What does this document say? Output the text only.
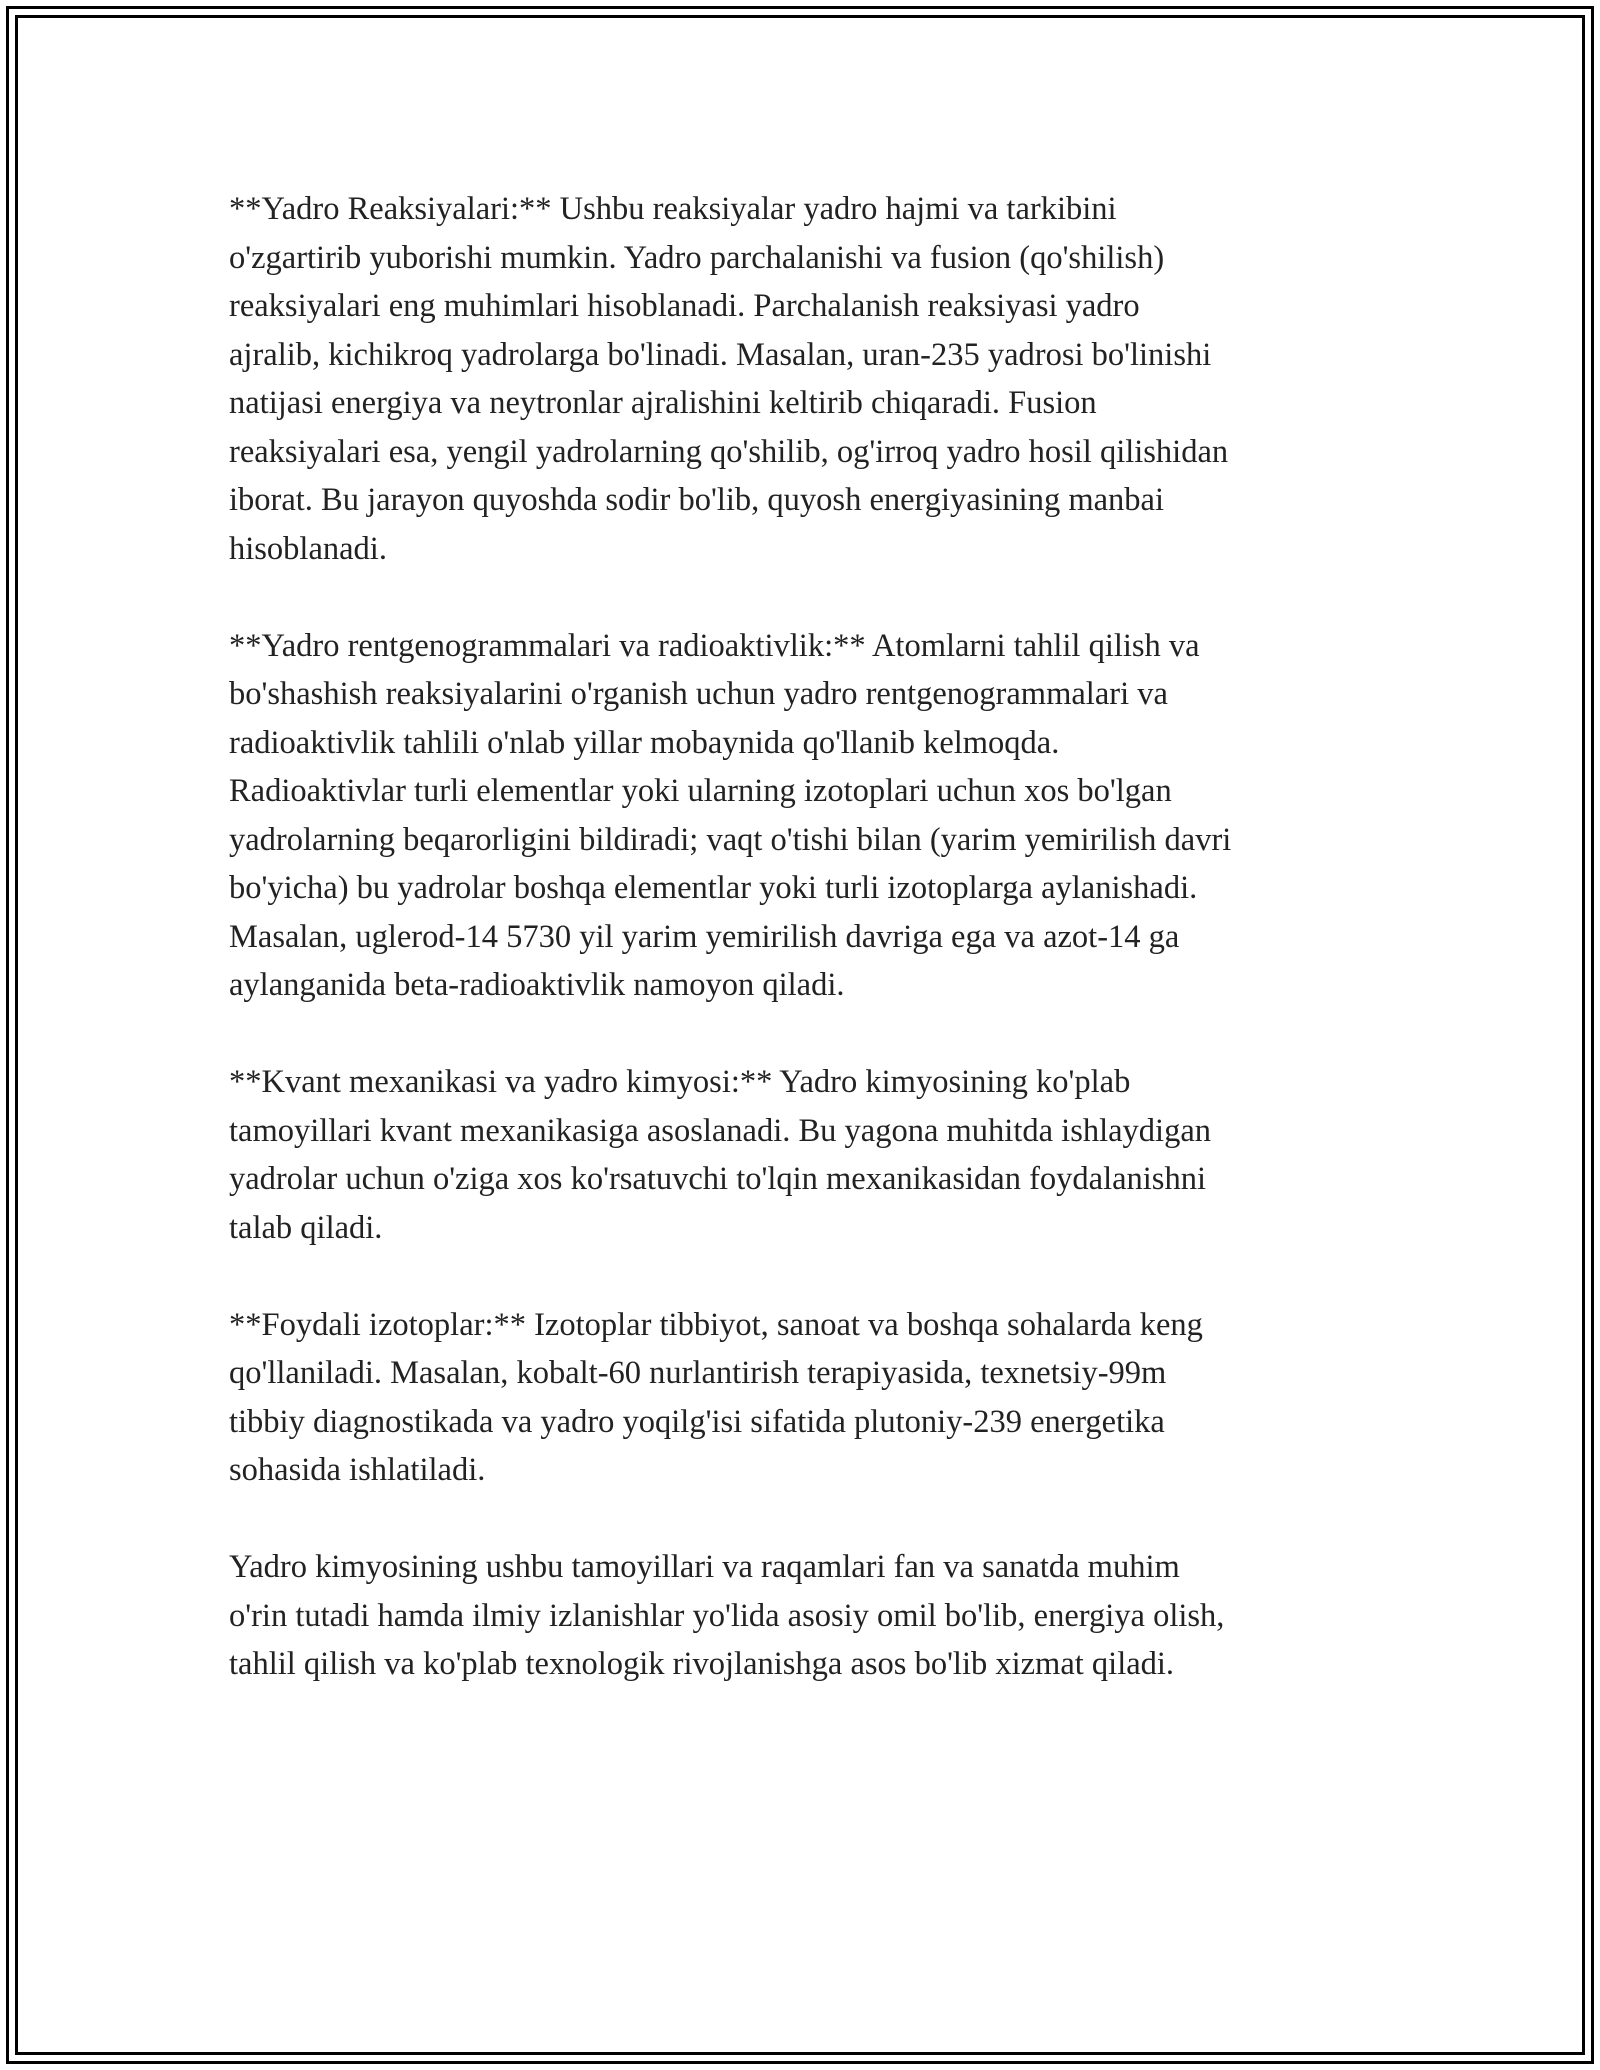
**Yadro Reaksiyalari:** Ushbu reaksiyalar yadro hajmi va tarkibini
o'zgartirib yuborishi mumkin. Yadro parchalanishi va fusion (qo'shilish)
reaksiyalari eng muhimlari hisoblanadi. Parchalanish reaksiyasi yadro
ajralib, kichikroq yadrolarga bo'linadi. Masalan, uran-235 yadrosi bo'linishi
natijasi energiya va neytronlar ajralishini keltirib chiqaradi. Fusion
reaksiyalari esa, yengil yadrolarning qo'shilib, og'irroq yadro hosil qilishidan
iborat. Bu jarayon quyoshda sodir bo'lib, quyosh energiyasining manbai
hisoblanadi.
**Yadro rentgenogrammalari va radioaktivlik:** Atomlarni tahlil qilish va
bo'shashish reaksiyalarini o'rganish uchun yadro rentgenogrammalari va
radioaktivlik tahlili o'nlab yillar mobaynida qo'llanib kelmoqda.
Radioaktivlar turli elementlar yoki ularning izotoplari uchun xos bo'lgan
yadrolarning beqarorligini bildiradi; vaqt o'tishi bilan (yarim yemirilish davri
bo'yicha) bu yadrolar boshqa elementlar yoki turli izotoplarga aylanishadi.
Masalan, uglerod-14 5730 yil yarim yemirilish davriga ega va azot-14 ga
aylanganida beta-radioaktivlik namoyon qiladi.
**Kvant mexanikasi va yadro kimyosi:** Yadro kimyosining ko'plab
tamoyillari kvant mexanikasiga asoslanadi. Bu yagona muhitda ishlaydigan
yadrolar uchun o'ziga xos ko'rsatuvchi to'lqin mexanikasidan foydalanishni
talab qiladi.
**Foydali izotoplar:** Izotoplar tibbiyot, sanoat va boshqa sohalarda keng
qo'llaniladi. Masalan, kobalt-60 nurlantirish terapiyasida, texnetsiy-99m
tibbiy diagnostikada va yadro yoqilg'isi sifatida plutoniy-239 energetika
sohasida ishlatiladi.
Yadro kimyosining ushbu tamoyillari va raqamlari fan va sanatda muhim
o'rin tutadi hamda ilmiy izlanishlar yo'lida asosiy omil bo'lib, energiya olish,
tahlil qilish va ko'plab texnologik rivojlanishga asos bo'lib xizmat qiladi.
